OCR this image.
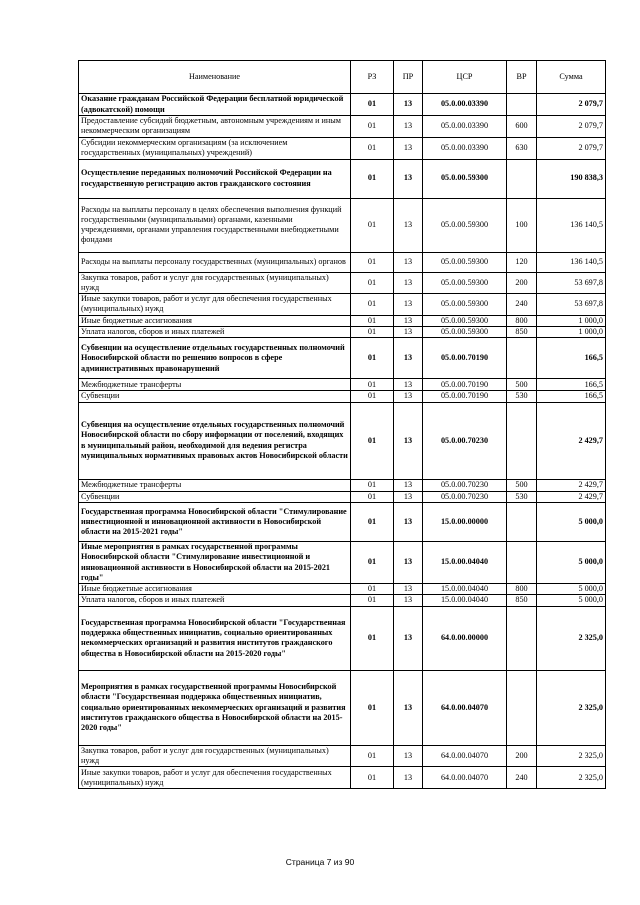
Наименование	РЗ	ПР	ЦСР	ВР	Сумма
Оказание гражданам Российской Федерации бесплатной юридической (адвокатской) помощи	01	13	05.0.00.03390		2 079,7
Предоставление субсидий бюджетным, автономным учреждениям и иным некоммерческим организациям	01	13	05.0.00.03390	600	2 079,7
Субсидии некоммерческим организациям (за исключением государственных (муниципальных) учреждений)	01	13	05.0.00.03390	630	2 079,7
Осуществление переданных полномочий Российской Федерации на государственную регистрацию актов гражданского состояния	01	13	05.0.00.59300		190 838,3
Расходы на выплаты персоналу в целях обеспечения выполнения функций государственными (муниципальными) органами, казенными учреждениями, органами управления государственными внебюджетными фондами	01	13	05.0.00.59300	100	136 140,5
Расходы на выплаты персоналу государственных (муниципальных) органов	01	13	05.0.00.59300	120	136 140,5
Закупка товаров, работ и услуг для государственных (муниципальных) нужд	01	13	05.0.00.59300	200	53 697,8
Иные закупки товаров, работ и услуг для обеспечения государственных (муниципальных) нужд	01	13	05.0.00.59300	240	53 697,8
Иные бюджетные ассигнования	01	13	05.0.00.59300	800	1 000,0
Уплата налогов, сборов и иных платежей	01	13	05.0.00.59300	850	1 000,0
Субвенции на осуществление отдельных государственных полномочий Новосибирской области по решению вопросов в сфере административных правонарушений	01	13	05.0.00.70190		166,5
Межбюджетные трансферты	01	13	05.0.00.70190	500	166,5
Субвенции	01	13	05.0.00.70190	530	166,5
Субвенция на осуществление отдельных государственных полномочий Новосибирской области по сбору информации от поселений, входящих в муниципальный район, необходимой для ведения регистра муниципальных нормативных правовых актов Новосибирской области	01	13	05.0.00.70230		2 429,7
Межбюджетные трансферты	01	13	05.0.00.70230	500	2 429,7
Субвенции	01	13	05.0.00.70230	530	2 429,7
Государственная программа Новосибирской области "Стимулирование инвестиционной и инновационной активности в Новосибирской области на 2015-2021 годы"	01	13	15.0.00.00000		5 000,0
Иные мероприятия в рамках государственной программы Новосибирской области "Стимулирование инвестиционной и инновационной активности в Новосибирской области на 2015-2021 годы"	01	13	15.0.00.04040		5 000,0
Иные бюджетные ассигнования	01	13	15.0.00.04040	800	5 000,0
Уплата налогов, сборов и иных платежей	01	13	15.0.00.04040	850	5 000,0
Государственная программа Новосибирской области "Государственная поддержка общественных инициатив, социально ориентированных некоммерческих организаций и развития институтов гражданского общества в Новосибирской области на 2015-2020 годы"	01	13	64.0.00.00000		2 325,0
Мероприятия в рамках государственной программы Новосибирской области "Государственная поддержка общественных инициатив, социально ориентированных некоммерческих организаций и развития институтов гражданского общества в Новосибирской области на 2015-2020 годы"	01	13	64.0.00.04070		2 325,0
Закупка товаров, работ и услуг для государственных (муниципальных) нужд	01	13	64.0.00.04070	200	2 325,0
Иные закупки товаров, работ и услуг для обеспечения государственных (муниципальных) нужд	01	13	64.0.00.04070	240	2 325,0
Страница 7 из 90
